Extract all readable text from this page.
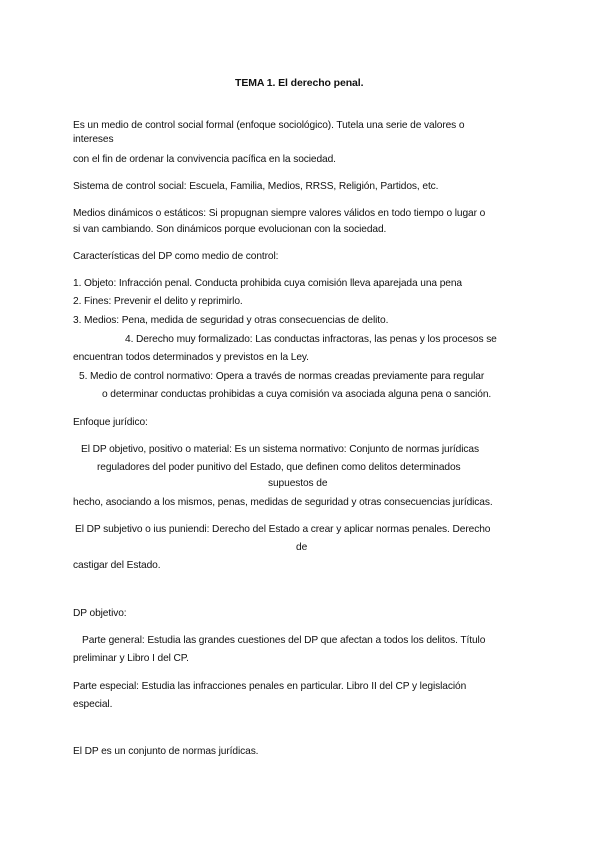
TEMA 1. El derecho penal.
Es un medio de control social formal (enfoque sociológico). Tutela una serie de valores o
intereses
con el fin de ordenar la convivencia pacífica en la sociedad.
Sistema de control social: Escuela, Familia, Medios, RRSS, Religión, Partidos, etc.
Medios dinámicos o estáticos: Si propugnan siempre valores válidos en todo tiempo o lugar o
si van cambiando. Son dinámicos porque evolucionan con la sociedad.
Características del DP como medio de control:
1. Objeto: Infracción penal. Conducta prohibida cuya comisión lleva aparejada una pena
2. Fines: Prevenir el delito y reprimirlo.
3. Medios: Pena, medida de seguridad y otras consecuencias de delito.
4. Derecho muy formalizado: Las conductas infractoras, las penas y los procesos se
encuentran todos determinados y previstos en la Ley.
5. Medio de control normativo: Opera a través de normas creadas previamente para regular
o determinar conductas prohibidas a cuya comisión va asociada alguna pena o sanción.
Enfoque jurídico:
El DP objetivo, positivo o material: Es un sistema normativo: Conjunto de normas jurídicas
reguladores del poder punitivo del Estado, que definen como delitos determinados
supuestos de
hecho, asociando a los mismos, penas, medidas de seguridad y otras consecuencias jurídicas.
El DP subjetivo o ius puniendi: Derecho del Estado a crear y aplicar normas penales. Derecho
de
castigar del Estado.
DP objetivo:
Parte general: Estudia las grandes cuestiones del DP que afectan a todos los delitos. Título
preliminar y Libro I del CP.
Parte especial: Estudia las infracciones penales en particular. Libro II del CP y legislación
especial.
El DP es un conjunto de normas jurídicas.
